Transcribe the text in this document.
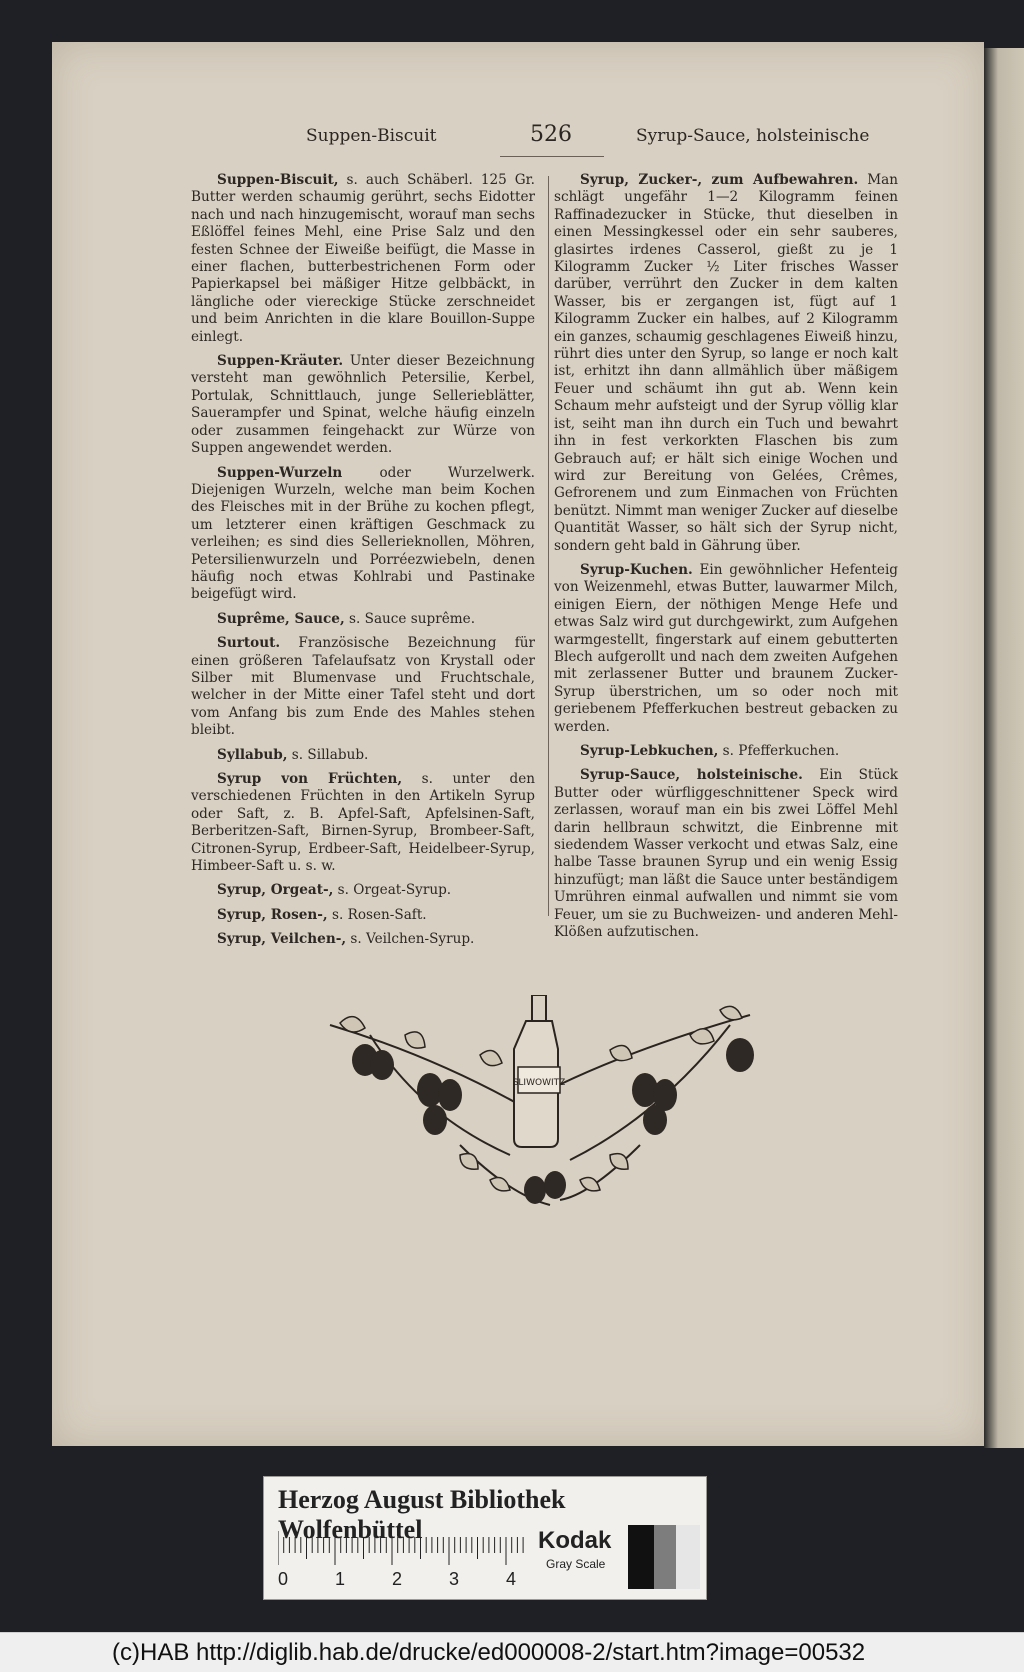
Suppen-Biscuit	526	Syrup-Sauce, holsteinische

Suppen-Biscuit, s. auch Schäberl. 125 Gr. Butter werden schaumig gerührt, sechs Eidotter nach und nach hinzugemischt, worauf man sechs Eßlöffel feines Mehl, eine Prise Salz und den festen Schnee der Eiweiße beifügt, die Masse in einer flachen, butterbestrichenen Form oder Papierkapsel bei mäßiger Hitze gelbbäckt, in längliche oder viereckige Stücke zerschneidet und beim Anrichten in die klare Bouillon-Suppe einlegt.

Suppen-Kräuter. Unter dieser Bezeichnung versteht man gewöhnlich Petersilie, Kerbel, Portulak, Schnittlauch, junge Sellerieblätter, Sauerampfer und Spinat, welche häufig einzeln oder zusammen feingehackt zur Würze von Suppen angewendet werden.

Suppen-Wurzeln oder Wurzelwerk. Diejenigen Wurzeln, welche man beim Kochen des Fleisches mit in der Brühe zu kochen pflegt, um letzterer einen kräftigen Geschmack zu verleihen; es sind dies Sellerieknollen, Möhren, Petersilienwurzeln und Porréezwiebeln, denen häufig noch etwas Kohlrabi und Pastinake beigefügt wird.

Suprême, Sauce, s. Sauce suprême.

Surtout. Französische Bezeichnung für einen größeren Tafelaufsatz von Krystall oder Silber mit Blumenvase und Fruchtschale, welcher in der Mitte einer Tafel steht und dort vom Anfang bis zum Ende des Mahles stehen bleibt.

Syllabub, s. Sillabub.

Syrup von Früchten, s. unter den verschiedenen Früchten in den Artikeln Syrup oder Saft, z. B. Apfel-Saft, Apfelsinen-Saft, Berberitzen-Saft, Birnen-Syrup, Brombeer-Saft, Citronen-Syrup, Erdbeer-Saft, Heidelbeer-Syrup, Himbeer-Saft u. s. w.

Syrup, Orgeat-, s. Orgeat-Syrup.

Syrup, Rosen-, s. Rosen-Saft.

Syrup, Veilchen-, s. Veilchen-Syrup.

Syrup, Zucker-, zum Aufbewahren. Man schlägt ungefähr 1—2 Kilogramm feinen Raffinadezucker in Stücke, thut dieselben in einen Messingkessel oder ein sehr sauberes, glasirtes irdenes Casserol, gießt zu je 1 Kilogramm Zucker ½ Liter frisches Wasser darüber, verrührt den Zucker in dem kalten Wasser, bis er zergangen ist, fügt auf 1 Kilogramm Zucker ein halbes, auf 2 Kilogramm ein ganzes, schaumig geschlagenes Eiweiß hinzu, rührt dies unter den Syrup, so lange er noch kalt ist, erhitzt ihn dann allmählich über mäßigem Feuer und schäumt ihn gut ab. Wenn kein Schaum mehr aufsteigt und der Syrup völlig klar ist, seiht man ihn durch ein Tuch und bewahrt ihn in fest verkorkten Flaschen bis zum Gebrauch auf; er hält sich einige Wochen und wird zur Bereitung von Gelées, Crêmes, Gefrorenem und zum Einmachen von Früchten benützt. Nimmt man weniger Zucker auf dieselbe Quantität Wasser, so hält sich der Syrup nicht, sondern geht bald in Gährung über.

Syrup-Kuchen. Ein gewöhnlicher Hefenteig von Weizenmehl, etwas Butter, lauwarmer Milch, einigen Eiern, der nöthigen Menge Hefe und etwas Salz wird gut durchgewirkt, zum Aufgehen warmgestellt, fingerstark auf einem gebutterten Blech aufgerollt und nach dem zweiten Aufgehen mit zerlassener Butter und braunem Zucker-Syrup überstrichen, um so oder noch mit geriebenem Pfefferkuchen bestreut gebacken zu werden.

Syrup-Lebkuchen, s. Pfefferkuchen.

Syrup-Sauce, holsteinische. Ein Stück Butter oder würfliggeschnittener Speck wird zerlassen, worauf man ein bis zwei Löffel Mehl darin hellbraun schwitzt, die Einbrenne mit siedendem Wasser verkocht und etwas Salz, eine halbe Tasse braunen Syrup und ein wenig Essig hinzufügt; man läßt die Sauce unter beständigem Umrühren einmal aufwallen und nimmt sie vom Feuer, um sie zu Buchweizen- und anderen Mehl-Klößen aufzutischen.

SLIWOWITZ
Herzog August Bibliothek Wolfenbüttel
0	1	2	3	4
Kodak
Gray Scale
(c)HAB http://diglib.hab.de/drucke/ed000008-2/start.htm?image=00532
